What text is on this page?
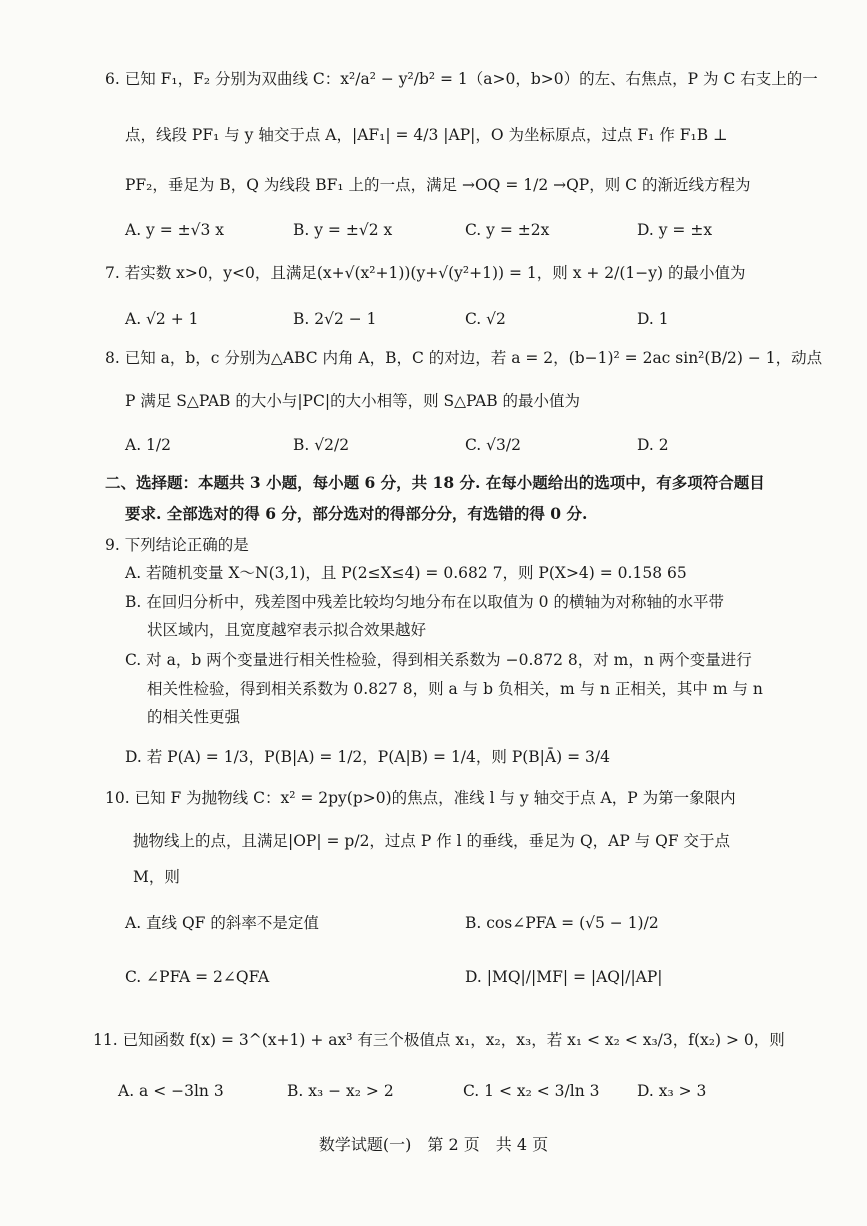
6. 已知 F₁，F₂ 分别为双曲线 C：x²/a² − y²/b² = 1（a>0，b>0）的左、右焦点，P 为 C 右支上的一
点，线段 PF₁ 与 y 轴交于点 A，|AF₁| = 4/3 |AP|，O 为坐标原点，过点 F₁ 作 F₁B ⊥
PF₂，垂足为 B，Q 为线段 BF₁ 上的一点，满足 →OQ = 1/2 →QP，则 C 的渐近线方程为
A. y = ±√3 x	B. y = ±√2 x	C. y = ±2x	D. y = ±x
7. 若实数 x>0，y<0，且满足(x+√(x²+1))(y+√(y²+1)) = 1，则 x + 2/(1−y) 的最小值为
A. √2 + 1	B. 2√2 − 1	C. √2	D. 1
8. 已知 a，b，c 分别为△ABC 内角 A，B，C 的对边，若 a = 2，(b−1)² = 2ac sin²(B/2) − 1，动点
P 满足 S△PAB 的大小与|PC|的大小相等，则 S△PAB 的最小值为
A. 1/2	B. √2/2	C. √3/2	D. 2
二、选择题：本题共 3 小题，每小题 6 分，共 18 分. 在每小题给出的选项中，有多项符合题目
要求. 全部选对的得 6 分，部分选对的得部分分，有选错的得 0 分.
9. 下列结论正确的是
A. 若随机变量 X～N(3,1)，且 P(2≤X≤4) = 0.682 7，则 P(X>4) = 0.158 65
B. 在回归分析中，残差图中残差比较均匀地分布在以取值为 0 的横轴为对称轴的水平带
状区域内，且宽度越窄表示拟合效果越好
C. 对 a，b 两个变量进行相关性检验，得到相关系数为 −0.872 8，对 m，n 两个变量进行
相关性检验，得到相关系数为 0.827 8，则 a 与 b 负相关，m 与 n 正相关，其中 m 与 n
的相关性更强
D. 若 P(A) = 1/3，P(B|A) = 1/2，P(A|B) = 1/4，则 P(B|Ā) = 3/4
10. 已知 F 为抛物线 C：x² = 2py(p>0)的焦点，准线 l 与 y 轴交于点 A，P 为第一象限内
抛物线上的点，且满足|OP| = p/2，过点 P 作 l 的垂线，垂足为 Q，AP 与 QF 交于点
M，则
A. 直线 QF 的斜率不是定值	B. cos∠PFA = (√5 − 1)/2
C. ∠PFA = 2∠QFA	D. |MQ|/|MF| = |AQ|/|AP|
11. 已知函数 f(x) = 3^(x+1) + ax³ 有三个极值点 x₁，x₂，x₃，若 x₁ < x₂ < x₃/3，f(x₂) > 0，则
A. a < −3ln 3	B. x₃ − x₂ > 2	C. 1 < x₂ < 3/ln 3 D. x₃ > 3
数学试题(一)　第 2 页　共 4 页
